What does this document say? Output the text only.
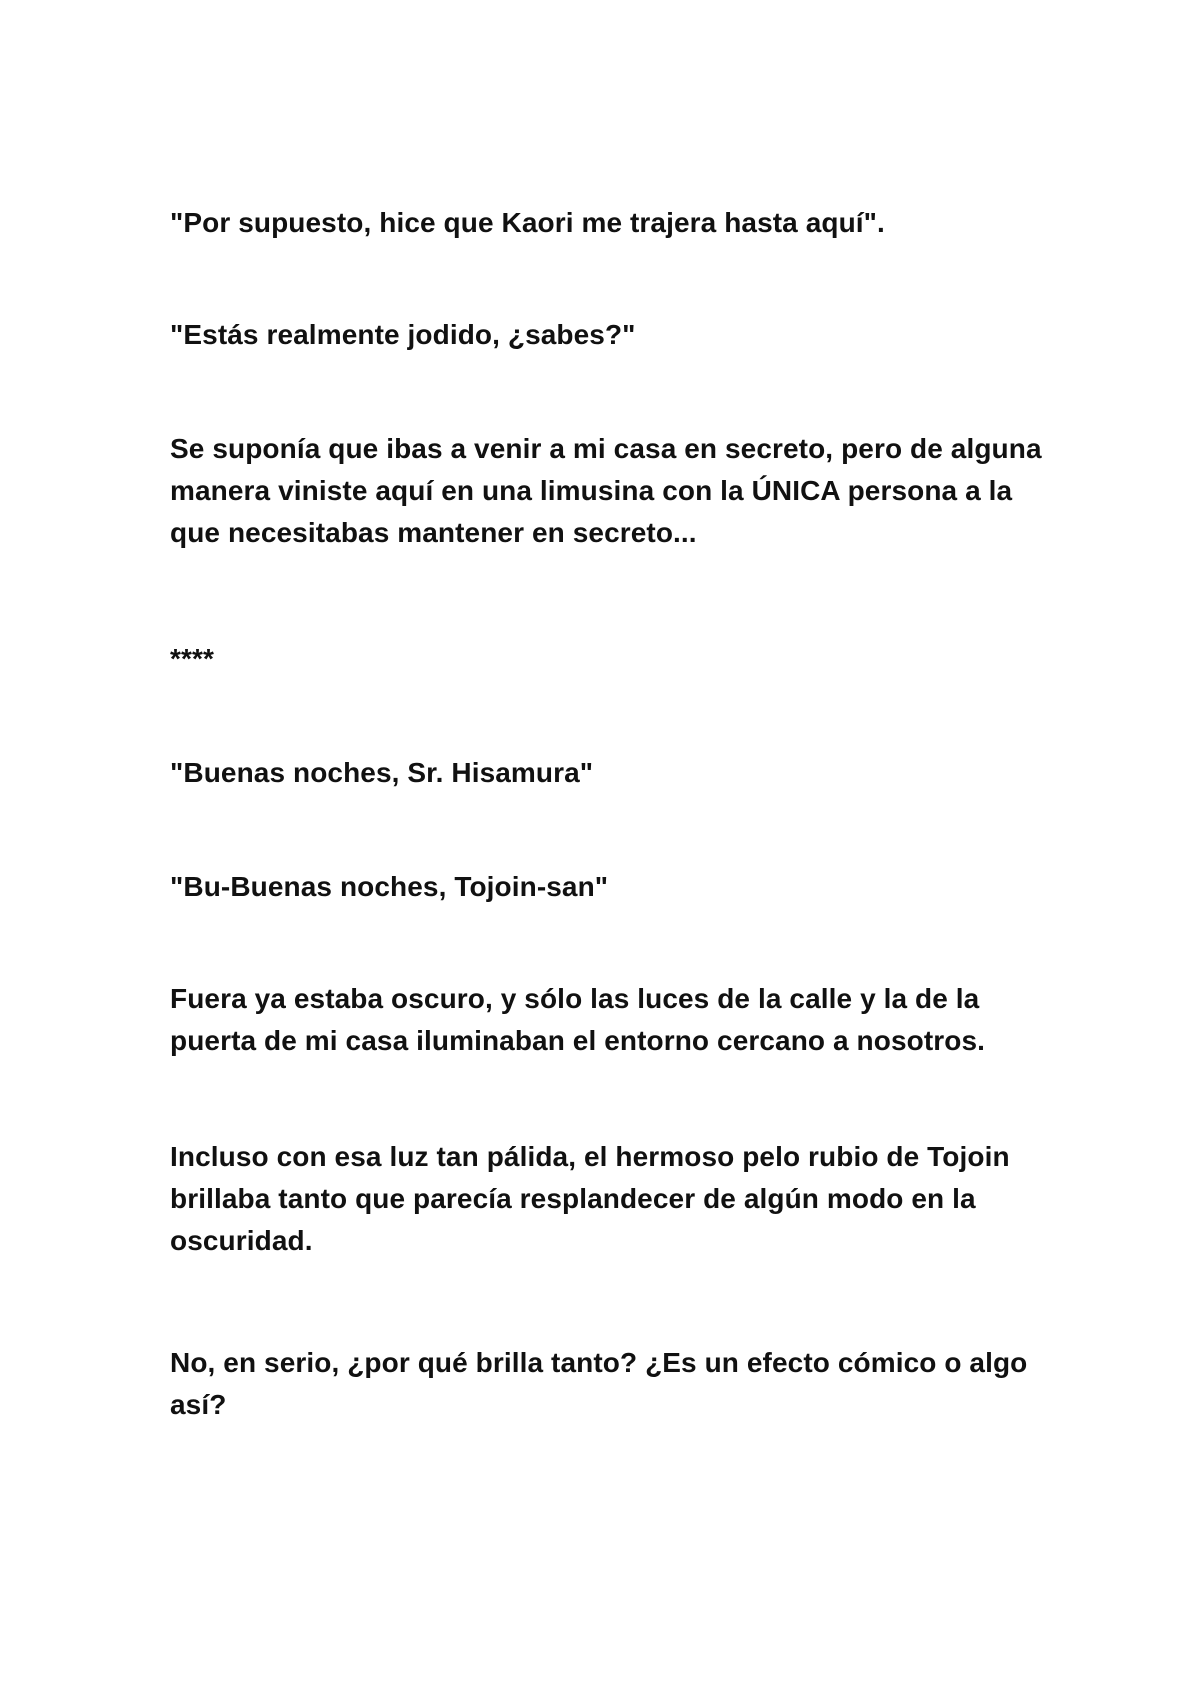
"Por supuesto, hice que Kaori me trajera hasta aquí".

"Estás realmente jodido, ¿sabes?"

Se suponía que ibas a venir a mi casa en secreto, pero de alguna
manera viniste aquí en una limusina con la ÚNICA persona a la
que necesitabas mantener en secreto...

****

"Buenas noches, Sr. Hisamura"

"Bu-Buenas noches, Tojoin-san"

Fuera ya estaba oscuro, y sólo las luces de la calle y la de la
puerta de mi casa iluminaban el entorno cercano a nosotros.

Incluso con esa luz tan pálida, el hermoso pelo rubio de Tojoin
brillaba tanto que parecía resplandecer de algún modo en la
oscuridad.

No, en serio, ¿por qué brilla tanto? ¿Es un efecto cómico o algo
así?
